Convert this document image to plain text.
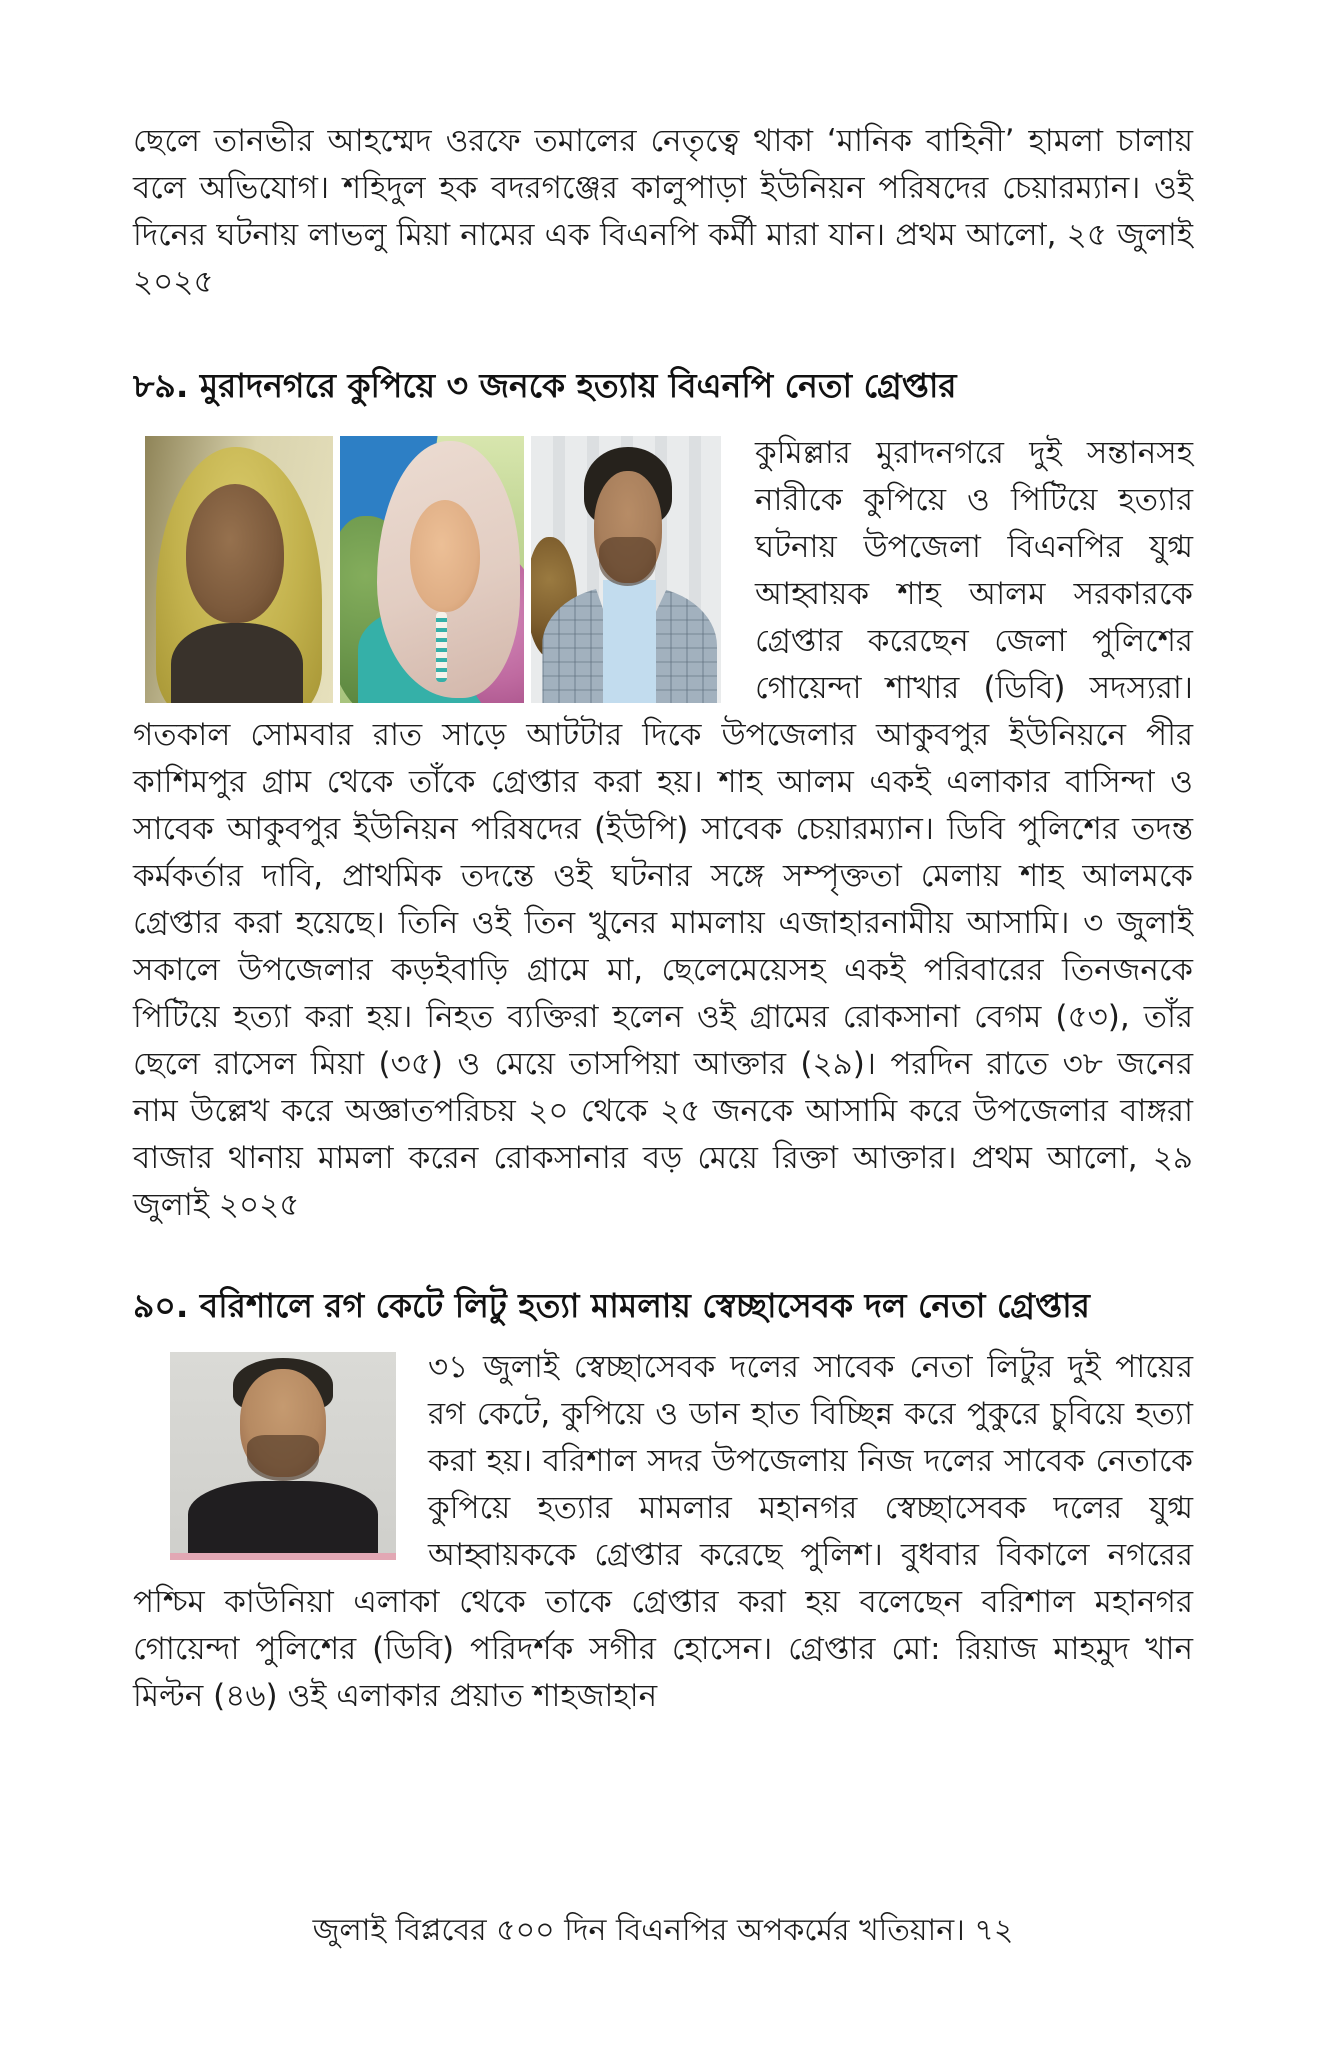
ছেলে তানভীর আহম্মেদ ওরফে তমালের নেতৃত্বে থাকা ‘মানিক বাহিনী’ হামলা চালায় বলে অভিযোগ। শহিদুল হক বদরগঞ্জের কালুপাড়া ইউনিয়ন পরিষদের চেয়ারম্যান। ওই দিনের ঘটনায় লাভলু মিয়া নামের এক বিএনপি কর্মী মারা যান। প্রথম আলো, ২৫ জুলাই ২০২৫

৮৯. মুরাদনগরে কুপিয়ে ৩ জনকে হত্যায় বিএনপি নেতা গ্রেপ্তার

কুমিল্লার মুরাদনগরে দুই সন্তানসহ নারীকে কুপিয়ে ও পিটিয়ে হত্যার ঘটনায় উপজেলা বিএনপির যুগ্ম আহ্বায়ক শাহ আলম সরকারকে গ্রেপ্তার করেছেন জেলা পুলিশের গোয়েন্দা শাখার (ডিবি) সদস্যরা। গতকাল সোমবার রাত সাড়ে আটটার দিকে উপজেলার আকুবপুর ইউনিয়নে পীর কাশিমপুর গ্রাম থেকে তাঁকে গ্রেপ্তার করা হয়। শাহ আলম একই এলাকার বাসিন্দা ও সাবেক আকুবপুর ইউনিয়ন পরিষদের (ইউপি) সাবেক চেয়ারম্যান। ডিবি পুলিশের তদন্ত কর্মকর্তার দাবি, প্রাথমিক তদন্তে ওই ঘটনার সঙ্গে সম্পৃক্ততা মেলায় শাহ আলমকে গ্রেপ্তার করা হয়েছে। তিনি ওই তিন খুনের মামলায় এজাহারনামীয় আসামি। ৩ জুলাই সকালে উপজেলার কড়ইবাড়ি গ্রামে মা, ছেলেমেয়েসহ একই পরিবারের তিনজনকে পিটিয়ে হত্যা করা হয়। নিহত ব্যক্তিরা হলেন ওই গ্রামের রোকসানা বেগম (৫৩), তাঁর ছেলে রাসেল মিয়া (৩৫) ও মেয়ে তাসপিয়া আক্তার (২৯)। পরদিন রাতে ৩৮ জনের নাম উল্লেখ করে অজ্ঞাতপরিচয় ২০ থেকে ২৫ জনকে আসামি করে উপজেলার বাঙ্গরা বাজার থানায় মামলা করেন রোকসানার বড় মেয়ে রিক্তা আক্তার। প্রথম আলো, ২৯ জুলাই ২০২৫

৯০. বরিশালে রগ কেটে লিটু হত্যা মামলায় স্বেচ্ছাসেবক দল নেতা গ্রেপ্তার

৩১ জুলাই স্বেচ্ছাসেবক দলের সাবেক নেতা লিটুর দুই পায়ের রগ কেটে, কুপিয়ে ও ডান হাত বিচ্ছিন্ন করে পুকুরে চুবিয়ে হত্যা করা হয়। বরিশাল সদর উপজেলায় নিজ দলের সাবেক নেতাকে কুপিয়ে হত্যার মামলার মহানগর স্বেচ্ছাসেবক দলের যুগ্ম আহ্বায়ককে গ্রেপ্তার করেছে পুলিশ। বুধবার বিকালে নগরের পশ্চিম কাউনিয়া এলাকা থেকে তাকে গ্রেপ্তার করা হয় বলেছেন বরিশাল মহানগর গোয়েন্দা পুলিশের (ডিবি) পরিদর্শক সগীর হোসেন। গ্রেপ্তার মো: রিয়াজ মাহমুদ খান মিল্টন (৪৬) ওই এলাকার প্রয়াত শাহজাহান

জুলাই বিপ্লবের ৫০০ দিন বিএনপির অপকর্মের খতিয়ান। ৭২
